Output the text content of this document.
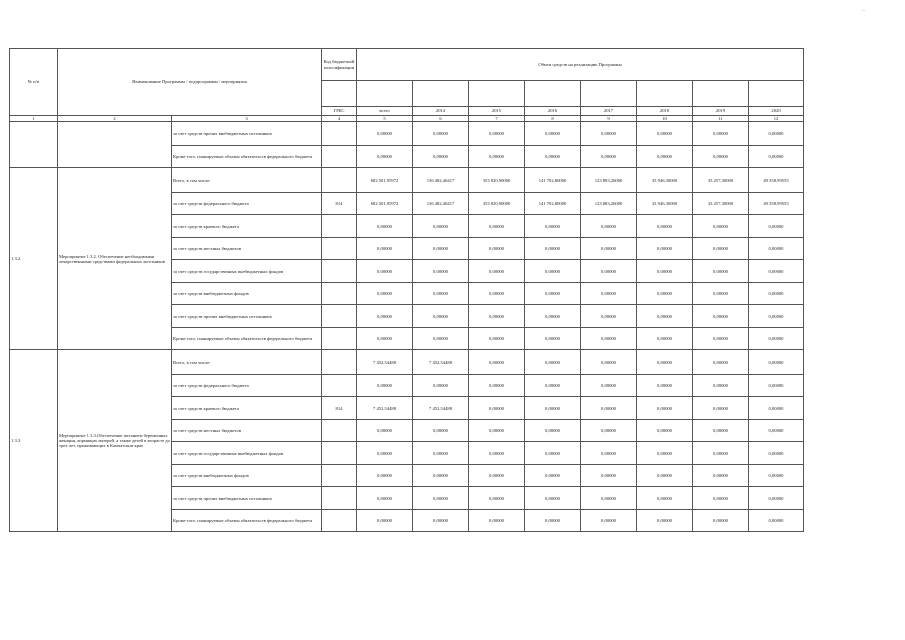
–
№ п/п	Наименование Программы / подпрограммы / мероприятия		Код бюджетной классификации	Объем средств на реализацию Программы							

			ГРБС	всего	2014	2015	2016	2017	2018	2019	2020
1	2	3	4	5	6	7	8	9	10	11	12
		за счет средств прочих внебюджетных источников		0,00000	0,00000	0,00000	0,00000	0,00000	0,00000	0,00000	0,00000
		Кроме того, планируемые объемы обязательств федерального бюджета		0,00000	0,00000	0,00000	0,00000	0,00000	0,00000	0,00000	0,00000
1.3.2.	Мероприятие 1.3.2. Обеспечение необходимыми лекарственными средствами федеральных льготников	Всего, в том числе:		682 501,95972	136 482,46417	353 820,90000	141 702,80000	123 883,26000	33 946,30000	33 257,30000	49 358,99555
		за счет средств федерального бюджета	814	682 501,95972	136 482,46417	353 820,90000	141 702,80000	123 883,26000	33 946,30000	33 257,30000	49 358,99555
		за счет средств краевого бюджета		0,00000	0,00000	0,00000	0,00000	0,00000	0,00000	0,00000	0,00000
		за счет средств местных бюджетов		0,00000	0,00000	0,00000	0,00000	0,00000	0,00000	0,00000	0,00000
		за счет средств государственных внебюджетных фондов		0,00000	0,00000	0,00000	0,00000	0,00000	0,00000	0,00000	0,00000
		за счет средств внебюджетных фондов		0,00000	0,00000	0,00000	0,00000	0,00000	0,00000	0,00000	0,00000
		за счет средств прочих внебюджетных источников		0,00000	0,00000	0,00000	0,00000	0,00000	0,00000	0,00000	0,00000
		Кроме того, планируемые объемы обязательств федерального бюджета		0,00000	0,00000	0,00000	0,00000	0,00000	0,00000	0,00000	0,00000
1.3.3.	Мероприятие 1.3.3.Обеспечение питанием беременных женщин, кормящих матерей, а также детей в возрасте до трех лет, проживающих в Камчатском крае	Всего, в том числе:		7 452,54488	7 452,54488	0,00000	0,00000	0,00000	0,00000	0,00000	0,00000
		за счет средств федерального бюджета		0,00000	0,00000	0,00000	0,00000	0,00000	0,00000	0,00000	0,00000
		за счет средств краевого бюджета	814	7 452,54488	7 452,54488	0,00000	0,00000	0,00000	0,00000	0,00000	0,00000
		за счет средств местных бюджетов		0,00000	0,00000	0,00000	0,00000	0,00000	0,00000	0,00000	0,00000
		за счет средств государственных внебюджетных фондов		0,00000	0,00000	0,00000	0,00000	0,00000	0,00000	0,00000	0,00000
		за счет средств внебюджетных фондов		0,00000	0,00000	0,00000	0,00000	0,00000	0,00000	0,00000	0,00000
		за счет средств прочих внебюджетных источников		0,00000	0,00000	0,00000	0,00000	0,00000	0,00000	0,00000	0,00000
		Кроме того, планируемые объемы обязательств федерального бюджета		0,00000	0,00000	0,00000	0,00000	0,00000	0,00000	0,00000	0,00000
